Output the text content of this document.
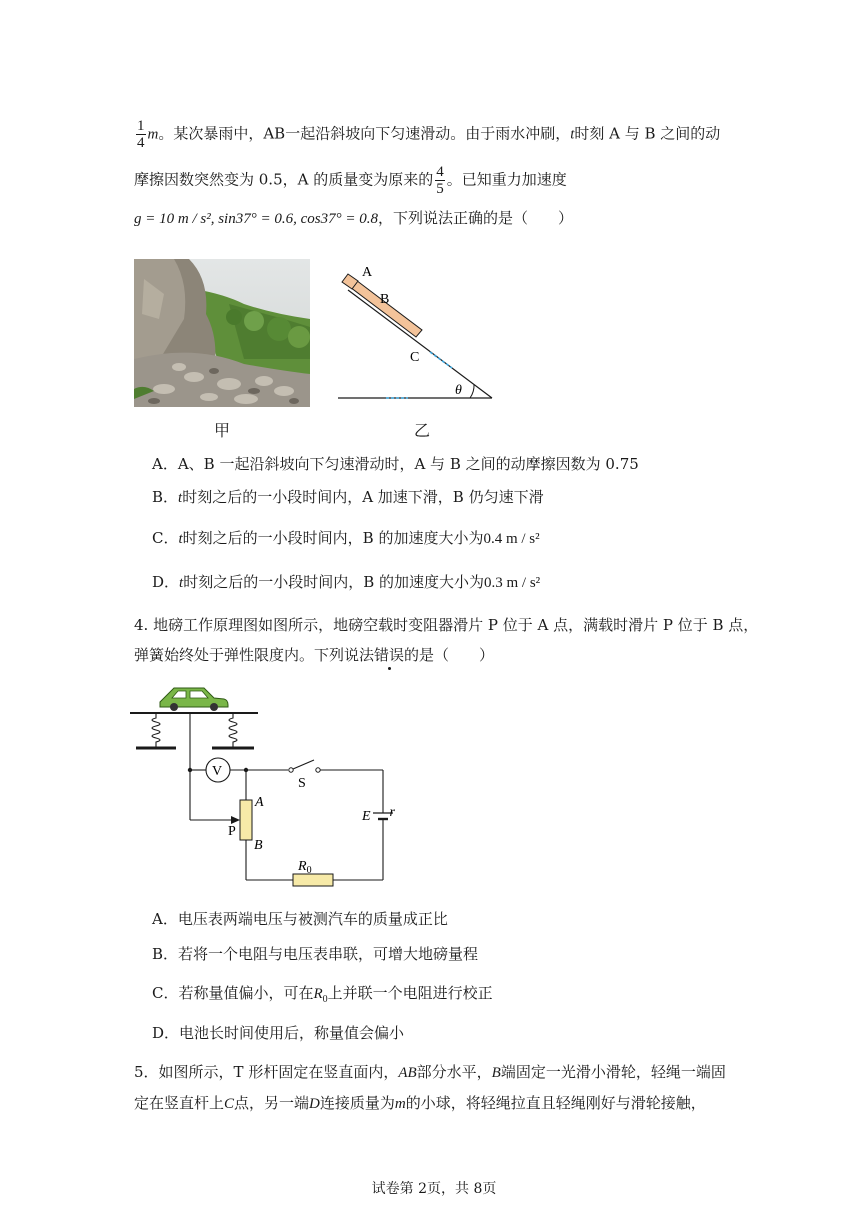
$\frac{1}{4}$ m。某次暴雨中，AB一起沿斜坡向下匀速滑动。由于雨水冲刷，t时刻 A 与 B 之间的动
摩擦因数突然变为 0.5，A 的质量变为原来的 $\frac{4}{5}$ 。已知重力加速度
g = 10 m / s², sin37° = 0.6, cos37° = 0.8，下列说法正确的是（　　）
甲
A
B
C
θ
乙
A．A、B 一起沿斜坡向下匀速滑动时，A 与 B 之间的动摩擦因数为 0.75
B．t时刻之后的一小段时间内，A 加速下滑，B 仍匀速下滑
C．t时刻之后的一小段时间内，B 的加速度大小为0.4 m / s²
D．t时刻之后的一小段时间内，B 的加速度大小为0.3 m / s²
4. 地磅工作原理图如图所示，地磅空载时变阻器滑片 P 位于 A 点，满载时滑片 P 位于 B 点，
弹簧始终处于弹性限度内。下列说法错误的是（　　）
V
S
A
P
B
E r
$R_0$
A．电压表两端电压与被测汽车的质量成正比
B．若将一个电阻与电压表串联，可增大地磅量程
C．若称量值偏小，可在$R_0$上并联一个电阻进行校正
D．电池长时间使用后，称量值会偏小
5．如图所示，T 形杆固定在竖直面内，AB部分水平，B端固定一光滑小滑轮，轻绳一端固
定在竖直杆上C点，另一端D连接质量为m的小球，将轻绳拉直且轻绳刚好与滑轮接触，
试卷第 2页，共 8页
